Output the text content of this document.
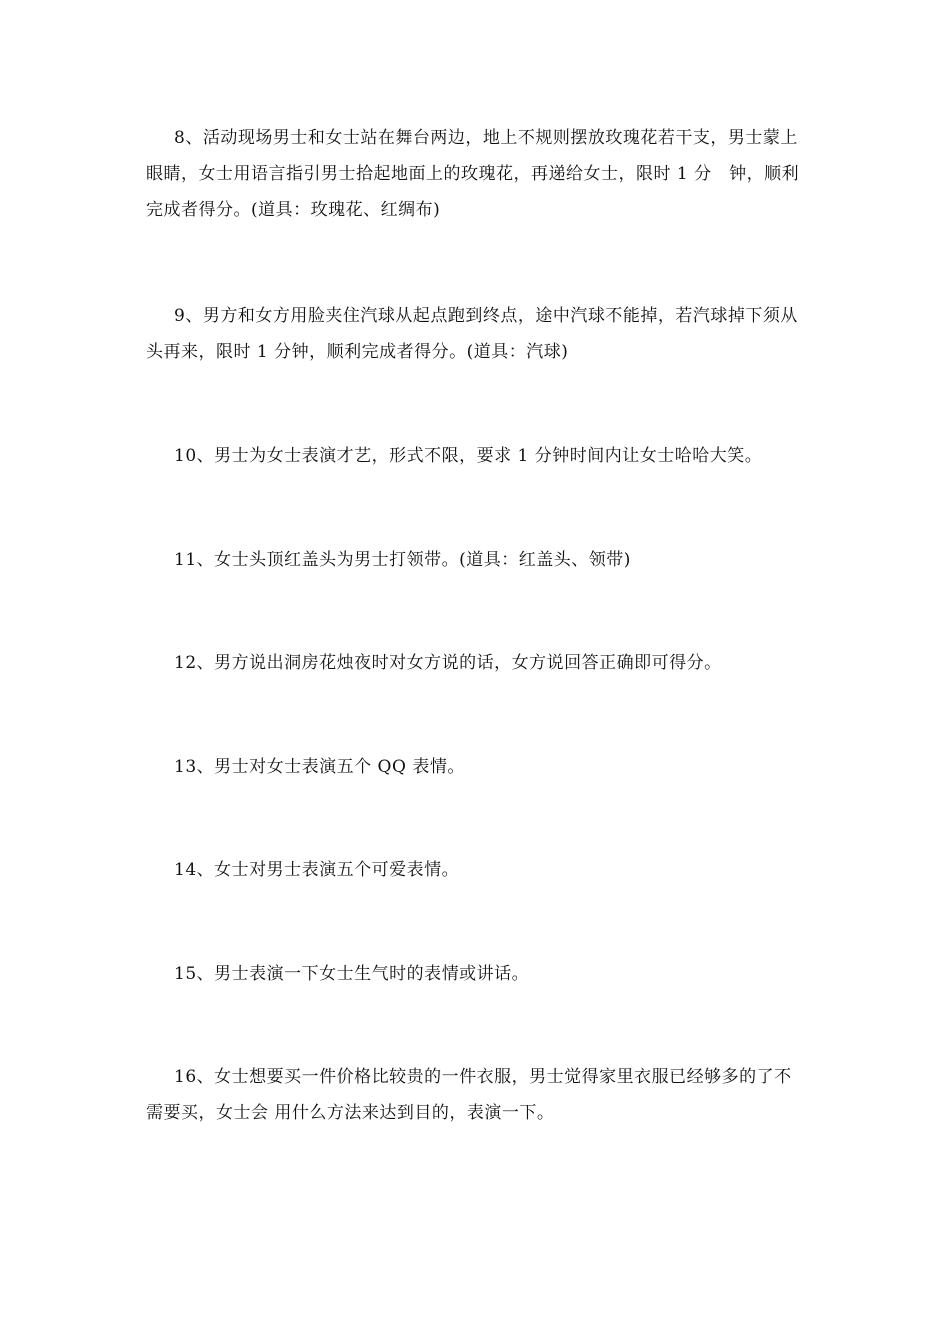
8、活动现场男士和女士站在舞台两边，地上不规则摆放玫瑰花若干支，男士蒙上眼睛，女士用语言指引男士拾起地面上的玫瑰花，再递给女士，限时 1 分　钟，顺利完成者得分。(道具：玫瑰花、红绸布)

9、男方和女方用脸夹住汽球从起点跑到终点，途中汽球不能掉，若汽球掉下须从头再来，限时 1 分钟，顺利完成者得分。(道具：汽球)

10、男士为女士表演才艺，形式不限，要求 1 分钟时间内让女士哈哈大笑。

11、女士头顶红盖头为男士打领带。(道具：红盖头、领带)

12、男方说出洞房花烛夜时对女方说的话，女方说回答正确即可得分。

13、男士对女士表演五个 QQ 表情。

14、女士对男士表演五个可爱表情。

15、男士表演一下女士生气时的表情或讲话。

16、女士想要买一件价格比较贵的一件衣服，男士觉得家里衣服已经够多的了不需要买，女士会 用什么方法来达到目的，表演一下。
